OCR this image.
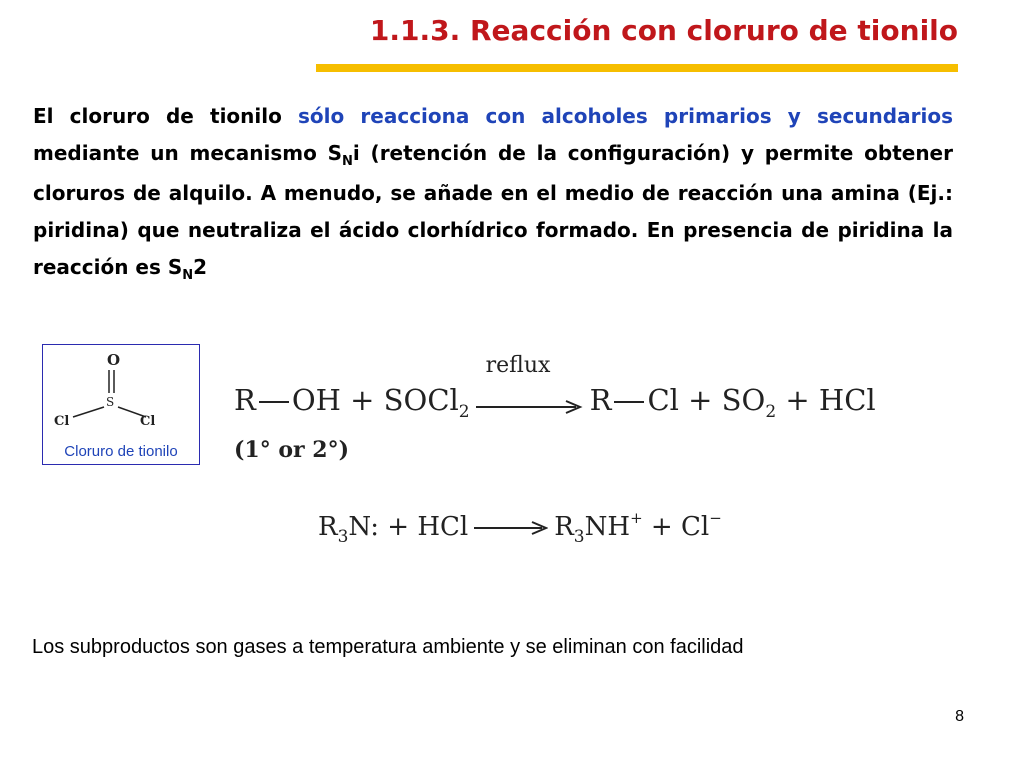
1.1.3. Reacción con cloruro de tionilo
El cloruro de tionilo sólo reacciona con alcoholes primarios y secundarios mediante un mecanismo $S_Ni$ (retención de la configuración) y permite obtener cloruros de alquilo. A menudo, se añade en el medio de reacción una amina (Ej.: piridina) que neutraliza el ácido clorhídrico formado. En presencia de piridina la reacción es $S_N2$
O
S
Cl	Cl
Cloruro de tionilo
R OH + SOCl$_2$
reflux
R $Cl + SO_2$ + HCl
(1° or 2°)
$R_3N$: + HCl	$R_3NH^+ + Cl^-$
Los subproductos son gases a temperatura ambiente y se eliminan con facilidad
8
